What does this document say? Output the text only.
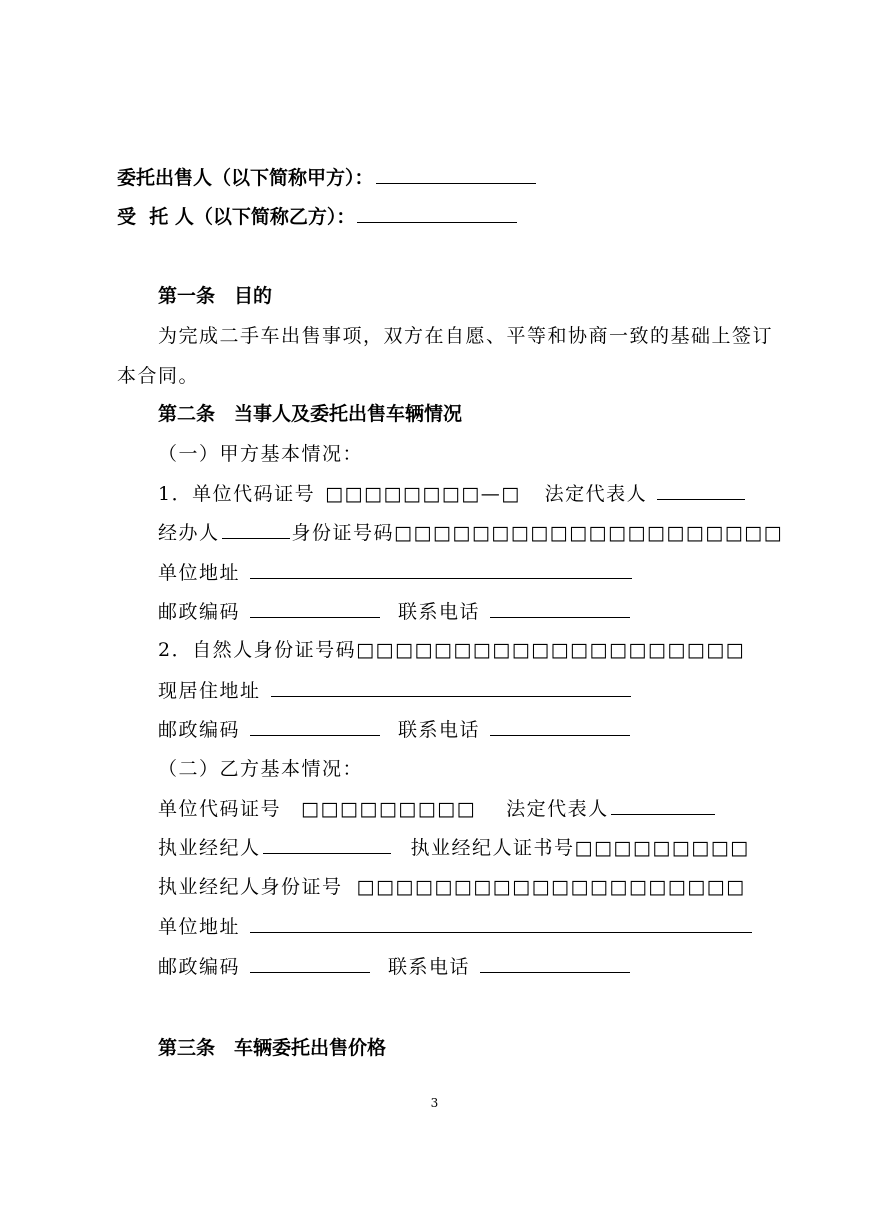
委托出售人（以下简称甲方）：
受  托 人（以下简称乙方）：
第一条　目的
为完成二手车出售事项，双方在自愿、平等和协商一致的基础上签订
本合同。
第二条　当事人及委托出售车辆情况
（一）甲方基本情况：
1．单位代码证号 □□□□□□□□—□ 法定代表人
经办人	身份证号码□□□□□□□□□□□□□□□□□□□□
单位地址
邮政编码	联系电话
2．自然人身份证号码□□□□□□□□□□□□□□□□□□□□
现居住地址
邮政编码	联系电话
（二）乙方基本情况：
单位代码证号 □□□□□□□□□ 法定代表人
执业经纪人	执业经纪人证书号□□□□□□□□□
执业经纪人身份证号 □□□□□□□□□□□□□□□□□□□□
单位地址
邮政编码	联系电话
第三条　车辆委托出售价格
3
